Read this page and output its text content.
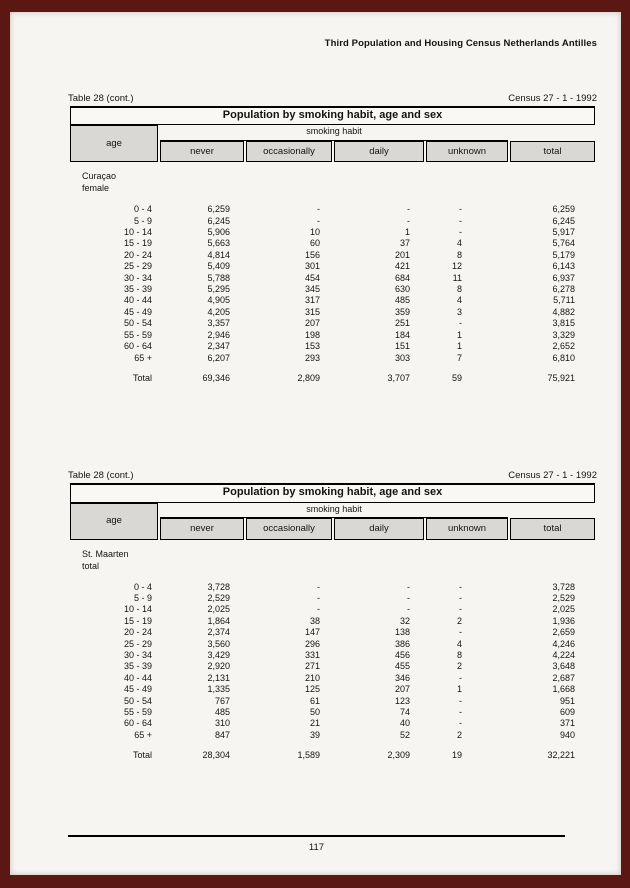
Third Population and Housing Census Netherlands Antilles
Table 28 (cont.)	Census 27 - 1 - 1992
Population by smoking habit, age and sex					
age	smoking habit				
	never	occasionally	daily	unknown	total
Curaçao					
female					
0 - 4	6,259	-	-	-	6,259
5 - 9	6,245	-	-	-	6,245
10 - 14	5,906	10	1	-	5,917
15 - 19	5,663	60	37	4	5,764
20 - 24	4,814	156	201	8	5,179
25 - 29	5,409	301	421	12	6,143
30 - 34	5,788	454	684	11	6,937
35 - 39	5,295	345	630	8	6,278
40 - 44	4,905	317	485	4	5,711
45 - 49	4,205	315	359	3	4,882
50 - 54	3,357	207	251	-	3,815
55 - 59	2,946	198	184	1	3,329
60 - 64	2,347	153	151	1	2,652
65 +	6,207	293	303	7	6,810
Total	69,346	2,809	3,707	59	75,921
Table 28 (cont.)	Census 27 - 1 - 1992
Population by smoking habit, age and sex					
age	smoking habit				
	never	occasionally	daily	unknown	total
St. Maarten					
total					
0 - 4	3,728	-	-	-	3,728
5 - 9	2,529	-	-	-	2,529
10 - 14	2,025	-	-	-	2,025
15 - 19	1,864	38	32	2	1,936
20 - 24	2,374	147	138	-	2,659
25 - 29	3,560	296	386	4	4,246
30 - 34	3,429	331	456	8	4,224
35 - 39	2,920	271	455	2	3,648
40 - 44	2,131	210	346	-	2,687
45 - 49	1,335	125	207	1	1,668
50 - 54	767	61	123	-	951
55 - 59	485	50	74	-	609
60 - 64	310	21	40	-	371
65 +	847	39	52	2	940
Total	28,304	1,589	2,309	19	32,221
117
